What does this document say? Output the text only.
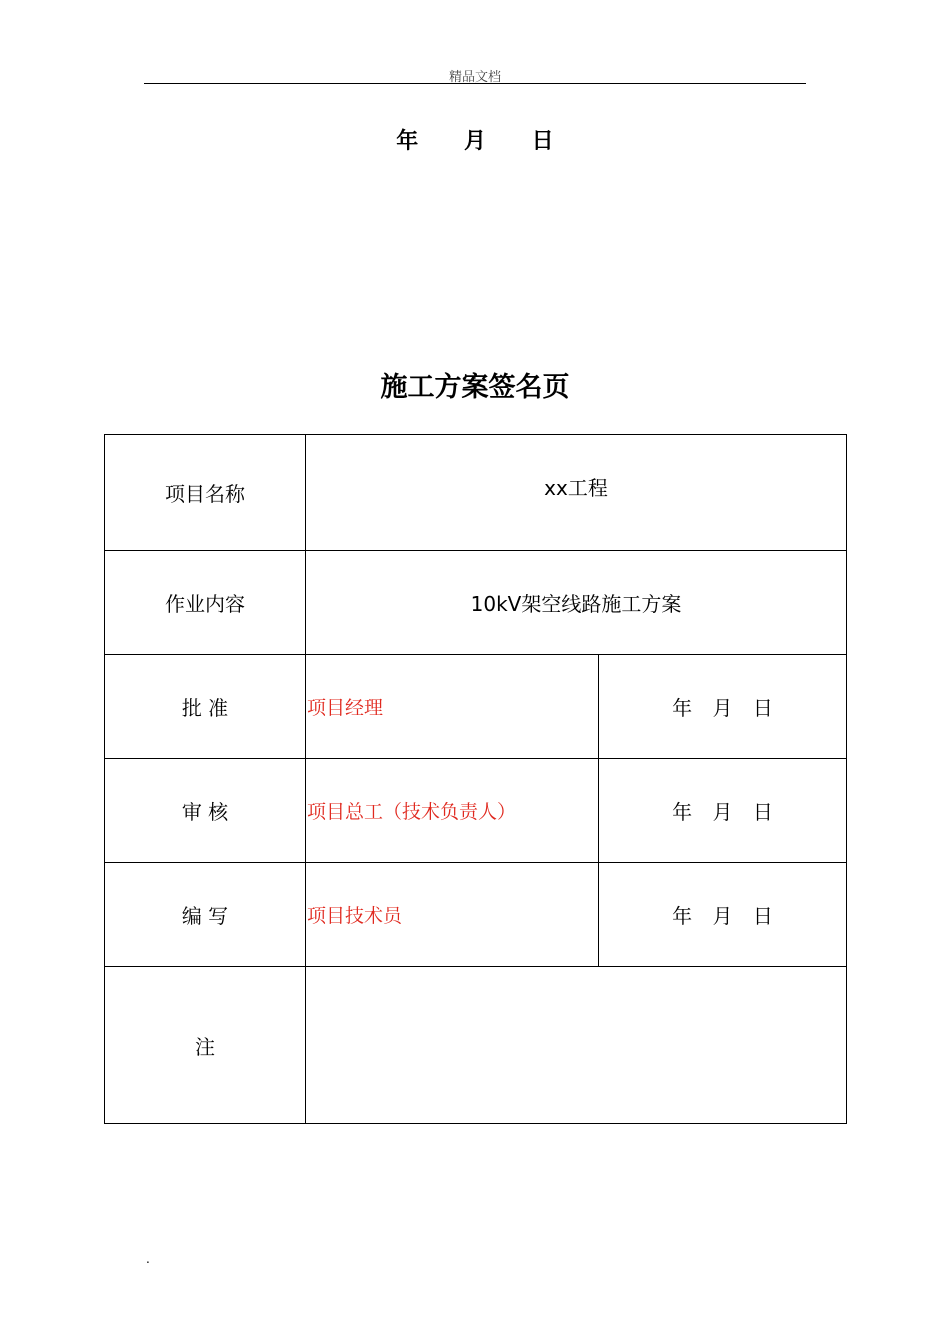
精品文档
年 月 日
施工方案签名页
项目名称	xx工程	
作业内容	10kV架空线路施工方案	
批 准	项目经理	年 月 日
审 核	项目总工（技术负责人）	年 月 日
编 写	项目技术员	年 月 日
注		
.
